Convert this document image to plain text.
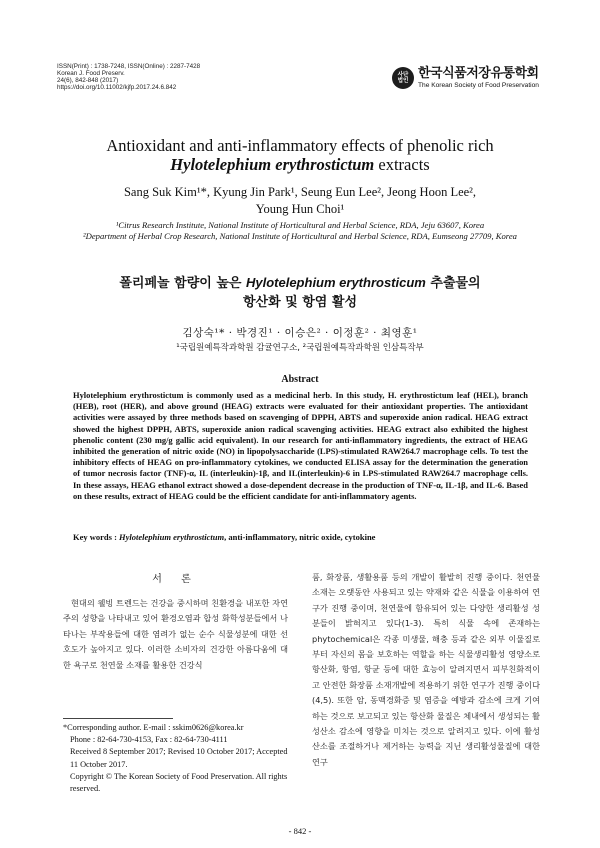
ISSN(Print) : 1738-7248, ISSN(Online) : 2287-7428
Korean J. Food Preserv.
24(6), 842-848 (2017)
https://doi.org/10.11002/kjfp.2017.24.6.842
사단
법인
한국식품저장유통학회
The Korean Society of Food Preservation
Antioxidant and anti-inflammatory effects of phenolic rich
Hylotelephium erythrostictum extracts
Sang Suk Kim¹*, Kyung Jin Park¹, Seung Eun Lee², Jeong Hoon Lee²,
Young Hun Choi¹
¹Citrus Research Institute, National Institute of Horticultural and Herbal Science, RDA, Jeju 63607, Korea
²Department of Herbal Crop Research, National Institute of Horticultural and Herbal Science, RDA, Eumseong 27709, Korea
폴리페놀 함량이 높은 Hylotelephium erythrosticum 추출물의
항산화 및 항염 활성
김상숙¹* · 박경진¹ · 이승은² · 이정훈² · 최영훈¹
¹국립원예특작과학원 감귤연구소, ²국립원예특작과학원 인삼특작부
Abstract
Hylotelephium erythrostictum is commonly used as a medicinal herb. In this study, H. erythrostictum leaf (HEL), branch (HEB), root (HER), and above ground (HEAG) extracts were evaluated for their antioxidant properties. The antioxidant activities were assayed by three methods based on scavenging of DPPH, ABTS and superoxide anion radical. HEAG extract showed the highest DPPH, ABTS, superoxide anion radical scavenging activities. HEAG extract also exhibited the highest phenolic content (230 mg/g gallic acid equivalent). In our research for anti-inflammatory ingredients, the extract of HEAG inhibited the generation of nitric oxide (NO) in lipopolysaccharide (LPS)-stimulated RAW264.7 macrophage cells. To test the inhibitory effects of HEAG on pro-inflammatory cytokines, we conducted ELISA assay for the determination the generation of tumor necrosis factor (TNF)-α, IL (interleukin)-1β, and IL(interleukin)-6 in LPS-stimulated RAW264.7 macrophage cells. In these assays, HEAG ethanol extract showed a dose-dependent decrease in the production of TNF-α, IL-1β, and IL-6. Based on these results, extract of HEAG could be the efficient candidate for anti-inflammatory agents.
Key words : Hylotelephium erythrostictum, anti-inflammatory, nitric oxide, cytokine
서 론

현대의 웰빙 트렌드는 건강을 중시하며 친환경을 내포한 자연주의 성향을 나타내고 있어 환경오염과 합성 화학성분들에서 나타나는 부작용들에 대한 염려가 없는 순수 식물성분에 대한 선호도가 높아지고 있다. 이러한 소비자의 건강한 아름다움에 대한 욕구로 천연물 소재를 활용한 건강식

품, 화장품, 생활용품 등의 개발이 활발히 진행 중이다. 천연물 소재는 오랫동안 사용되고 있는 약재와 같은 식물을 이용하여 연구가 진행 중이며, 천연물에 함유되어 있는 다양한 생리활성 성분들이 밝혀지고 있다(1-3). 특히 식물 속에 존재하는 phytochemical은 각종 미생물, 해충 등과 같은 외부 이물질로부터 자신의 몸을 보호하는 역할을 하는 식물생리활성 영양소로 항산화, 항염, 항균 등에 대한 효능이 알려지면서 피부친화적이고 안전한 화장품 소재개발에 적용하기 위한 연구가 진행 중이다(4,5). 또한 암, 동맥경화증 및 염증을 예방과 감소에 크게 기여하는 것으로 보고되고 있는 항산화 물질은 체내에서 생성되는 활성산소 감소에 영향을 미치는 것으로 알려지고 있다. 이에 활성산소를 조절하거나 제거하는 능력을 지닌 생리활성물질에 대한 연구

*Corresponding author. E-mail : sskim0626@korea.kr
Phone : 82-64-730-4153, Fax : 82-64-730-4111
Received 8 September 2017; Revised 10 October 2017; Accepted 11 October 2017.
Copyright © The Korean Society of Food Preservation. All rights reserved.
- 842 -
